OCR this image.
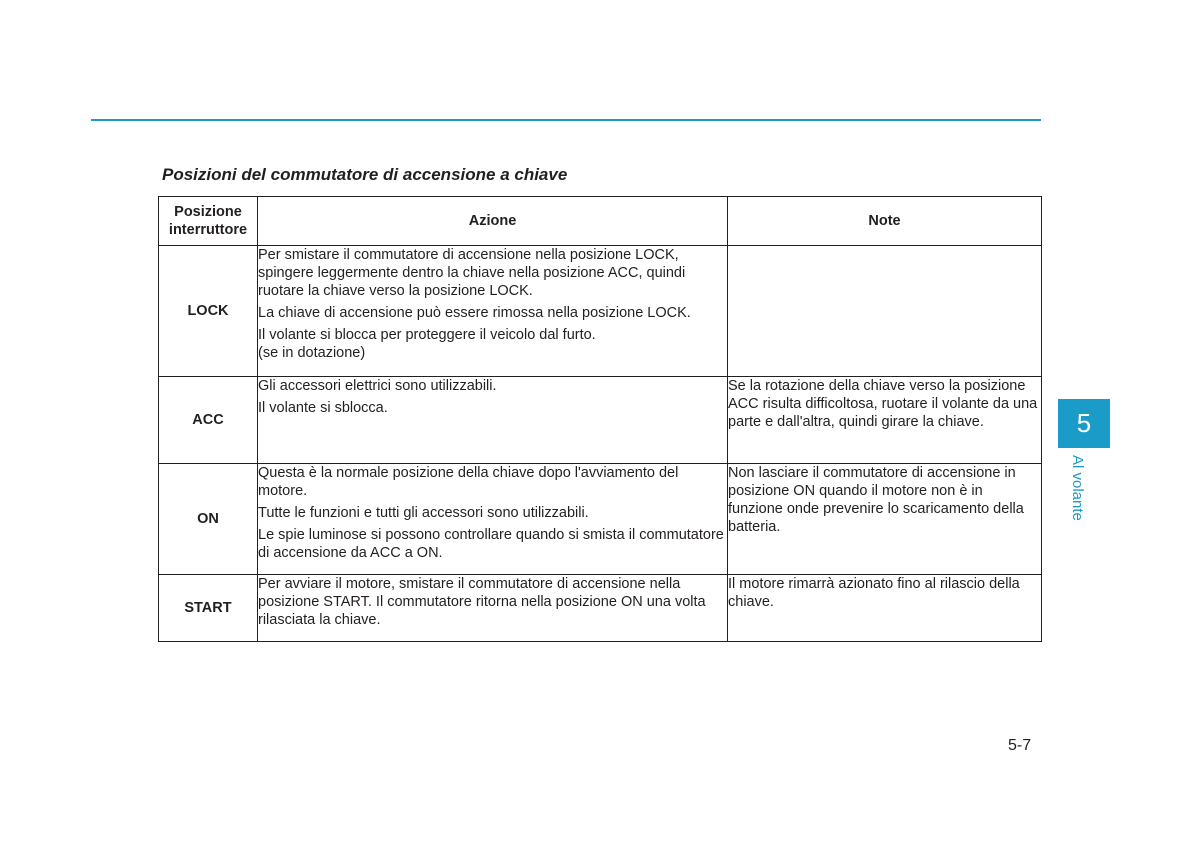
Posizioni del commutatore di accensione a chiave
Posizione interruttore	Azione	Note
LOCK	Per smistare il commutatore di accensione nella posizione LOCK, spingere leggermente dentro la chiave nella posizione ACC, quindi ruotare la chiave verso la posizione LOCK.

La chiave di accensione può essere rimossa nella posizione LOCK.

Il volante si blocca per proteggere il veicolo dal furto.

(se in dotazione)	

ACC	Gli accessori elettrici sono utilizzabili.

Il volante si sblocca.	Se la rotazione della chiave verso la posizione ACC risulta difficoltosa, ruotare il volante da una parte e dall'altra, quindi girare la chiave.
ON	Questa è la normale posizione della chiave dopo l'avviamento del motore.

Tutte le funzioni e tutti gli accessori sono utilizzabili.

Le spie luminose si possono controllare quando si smista il commutatore di accensione da ACC a ON.	Non lasciare il commutatore di accensione in posizione ON quando il motore non è in funzione onde prevenire lo scaricamento della batteria.
START	Per avviare il motore, smistare il commutatore di accensione nella posizione START. Il commutatore ritorna nella posizione ON una volta rilasciata la chiave.	Il motore rimarrà azionato fino al rilascio della chiave.
5
Al volante
5-7
